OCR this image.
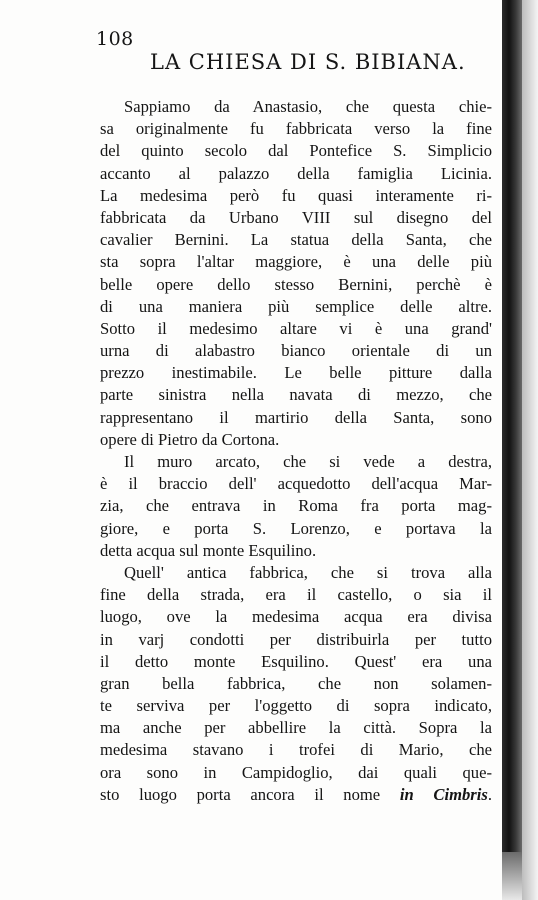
108
LA CHIESA DI S. BIBIANA.
Sappiamo da Anastasio, che questa chie-
sa originalmente fu fabbricata verso la fine
del quinto secolo dal Pontefice S. Simplicio
accanto al palazzo della famiglia Licinia.
La medesima però fu quasi interamente ri-
fabbricata da Urbano VIII sul disegno del
cavalier Bernini. La statua della Santa, che
sta sopra l'altar maggiore, è una delle più
belle opere dello stesso Bernini, perchè è
di una maniera più semplice delle altre.
Sotto il medesimo altare vi è una grand'
urna di alabastro bianco orientale di un
prezzo inestimabile. Le belle pitture dalla
parte sinistra nella navata di mezzo, che
rappresentano il martirio della Santa, sono
opere di Pietro da Cortona.
Il muro arcato, che si vede a destra,
è il braccio dell' acquedotto dell'acqua Mar-
zia, che entrava in Roma fra porta mag-
giore, e porta S. Lorenzo, e portava la
detta acqua sul monte Esquilino.
Quell' antica fabbrica, che si trova alla
fine della strada, era il castello, o sia il
luogo, ove la medesima acqua era divisa
in varj condotti per distribuirla per tutto
il detto monte Esquilino. Quest' era una
gran bella fabbrica, che non solamen-
te serviva per l'oggetto di sopra indicato,
ma anche per abbellire la città. Sopra la
medesima stavano i trofei di Mario, che
ora sono in Campidoglio, dai quali que-
sto luogo porta ancora il nome in Cimbris.
